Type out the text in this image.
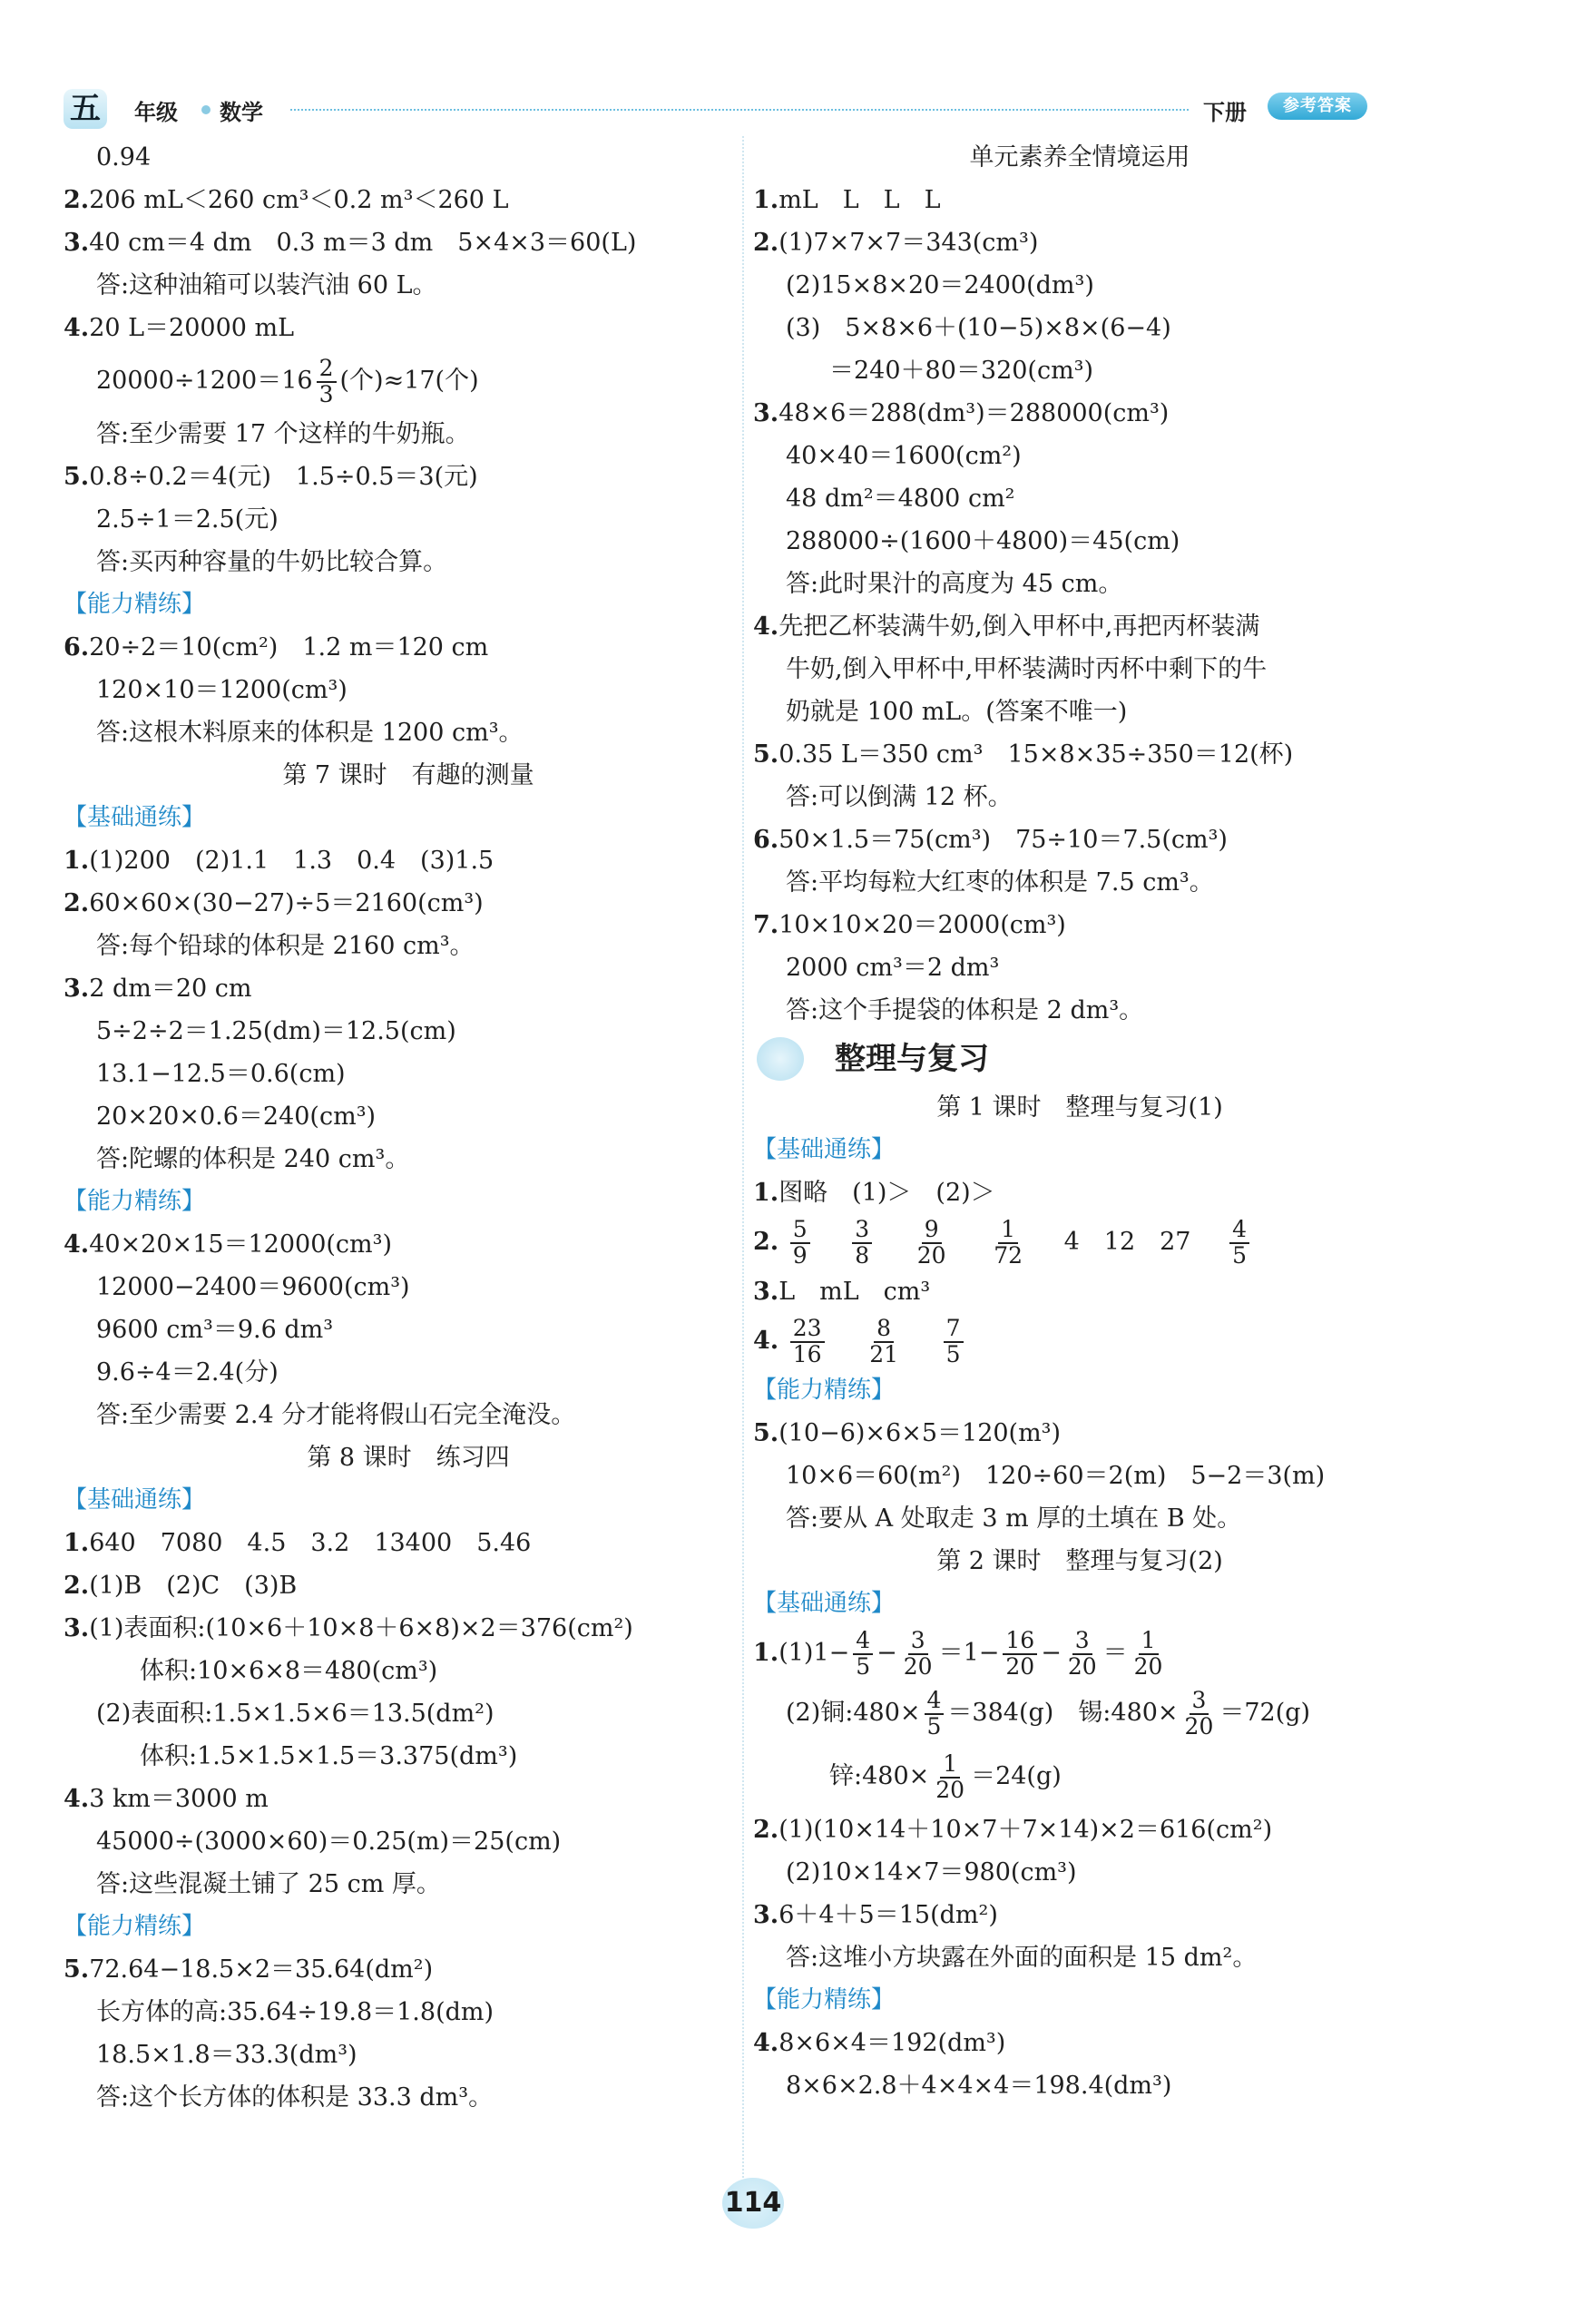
五 年级 数学	下册	参考答案
0.94
2.206 mL＜260 cm³＜0.2 m³＜260 L
3.40 cm＝4 dm　0.3 m＝3 dm　5×4×3＝60(L)
答:这种油箱可以装汽油 60 L。
4.20 L＝20000 mL
$20000\div 1200=16 \frac{2}{3}$ (个)≈17(个)
答:至少需要 17 个这样的牛奶瓶。
5.0.8÷0.2＝4(元)　1.5÷0.5＝3(元)
2.5÷1＝2.5(元)
答:买丙种容量的牛奶比较合算。
【能力精练】
6.20÷2＝10(cm²)　1.2 m＝120 cm
120×10＝1200(cm³)
答:这根木料原来的体积是 1200 cm³。
第 7 课时　有趣的测量
【基础通练】
1.(1)200　(2)1.1　1.3　0.4　(3)1.5
2.60×60×(30−27)÷5＝2160(cm³)
答:每个铅球的体积是 2160 cm³。
3.2 dm＝20 cm
5÷2÷2＝1.25(dm)＝12.5(cm)
13.1−12.5＝0.6(cm)
20×20×0.6＝240(cm³)
答:陀螺的体积是 240 cm³。
【能力精练】
4.40×20×15＝12000(cm³)
12000−2400＝9600(cm³)
9600 cm³＝9.6 dm³
9.6÷4＝2.4(分)
答:至少需要 2.4 分才能将假山石完全淹没。
第 8 课时　练习四
【基础通练】
1.640　7080　4.5　3.2　13400　5.46
2.(1)B　(2)C　(3)B
3.(1)表面积:(10×6＋10×8＋6×8)×2＝376(cm²)
体积:10×6×8＝480(cm³)
(2)表面积:1.5×1.5×6＝13.5(dm²)
体积:1.5×1.5×1.5＝3.375(dm³)
4.3 km＝3000 m
45000÷(3000×60)＝0.25(m)＝25(cm)
答:这些混凝土铺了 25 cm 厚。
【能力精练】
5.72.64−18.5×2＝35.64(dm²)
长方体的高:35.64÷19.8＝1.8(dm)
18.5×1.8＝33.3(dm³)
答:这个长方体的体积是 33.3 dm³。
单元素养全情境运用
1.mL　L　L　L
2.(1)7×7×7＝343(cm³)
(2)15×8×20＝2400(dm³)
(3)　5×8×6＋(10−5)×8×(6−4)
＝240＋80＝320(cm³)
3.48×6＝288(dm³)＝288000(cm³)
40×40＝1600(cm²)
48 dm²＝4800 cm²
288000÷(1600＋4800)＝45(cm)
答:此时果汁的高度为 45 cm。
4.先把乙杯装满牛奶,倒入甲杯中,再把丙杯装满
牛奶,倒入甲杯中,甲杯装满时丙杯中剩下的牛
奶就是 100 mL。(答案不唯一)
5.0.35 L＝350 cm³　15×8×35÷350＝12(杯)
答:可以倒满 12 杯。
6.50×1.5＝75(cm³)　75÷10＝7.5(cm³)
答:平均每粒大红枣的体积是 7.5 cm³。
7.10×10×20＝2000(cm³)
2000 cm³＝2 dm³
答:这个手提袋的体积是 2 dm³。
整理与复习
第 1 课时　整理与复习(1)
【基础通练】
1.图略　(1)＞　(2)＞
2. $\frac{5}{9}$
$\frac{3}{8}$
$\frac{9}{20}$
$\frac{1}{72} 4$　12　$27 \frac{4}{5}$
3.L　mL　cm³
4. $\frac{23}{16}$
$\frac{8}{21}$
$\frac{7}{5}$
【能力精练】
5.(10−6)×6×5＝120(m³)
10×6＝60(m²)　120÷60＝2(m)　5−2＝3(m)
答:要从 A 处取走 3 m 厚的土填在 B 处。
第 2 课时　整理与复习(2)
【基础通练】
$1.(1)1- \frac{4}{5} - \frac{3}{20} =1- \frac{16}{20} - \frac{3}{20} = \frac{1}{20}$
(2)铜:480× $\frac{4}{5} =384(g)$　锡:480× $\frac{3}{20} =72(g)$
锌:480× $\frac{1}{20} =24(g)$
2.(1)(10×14＋10×7＋7×14)×2＝616(cm²)
(2)10×14×7＝980(cm³)
3.6＋4＋5＝15(dm²)
答:这堆小方块露在外面的面积是 15 dm²。
【能力精练】
4.8×6×4＝192(dm³)
8×6×2.8＋4×4×4＝198.4(dm³)
114
